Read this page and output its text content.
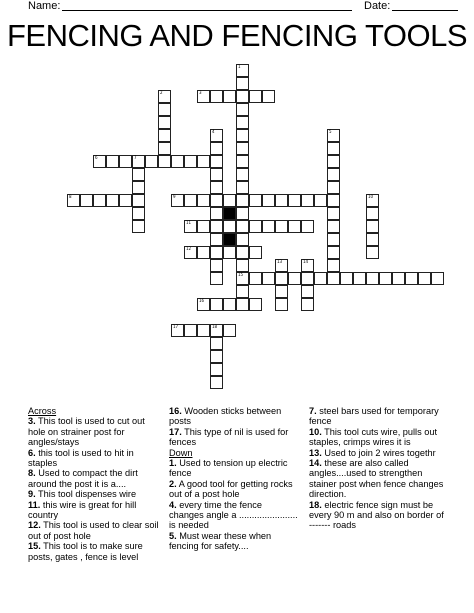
Name:	Date:
FENCING AND FENCING TOOLS
1
15
2
4	5
7
10
13	14
18
3
6
8	9
11
12
16
17
Across
3. This tool is used to cut out hole on strainer post for angles/stays
6. this tool is used to hit in staples
8. Used to compact the dirt around the post it is a....
9. This tool dispenses wire
11. this wire is great for hill country
12. This tool is used to clear soil out of post hole
15. This tool is to make sure posts, gates , fence is level
16. Wooden sticks between posts
17. This type of nil is used for fences
Down
1. Used to tension up electric fence
2. A good tool for getting rocks out of a post hole
4. every time the fence changes angle a ....................... is needed
5. Must wear these when fencing for safety....
7. steel bars used for temporary fence
10. This tool cuts wire, pulls out staples, crimps wires it is
13. Used to join 2 wires togethr
14. these are also called angles....used to strengthen stainer post when fence changes direction.
18. electric fence sign must be every 90 m and also on border of ------- roads
